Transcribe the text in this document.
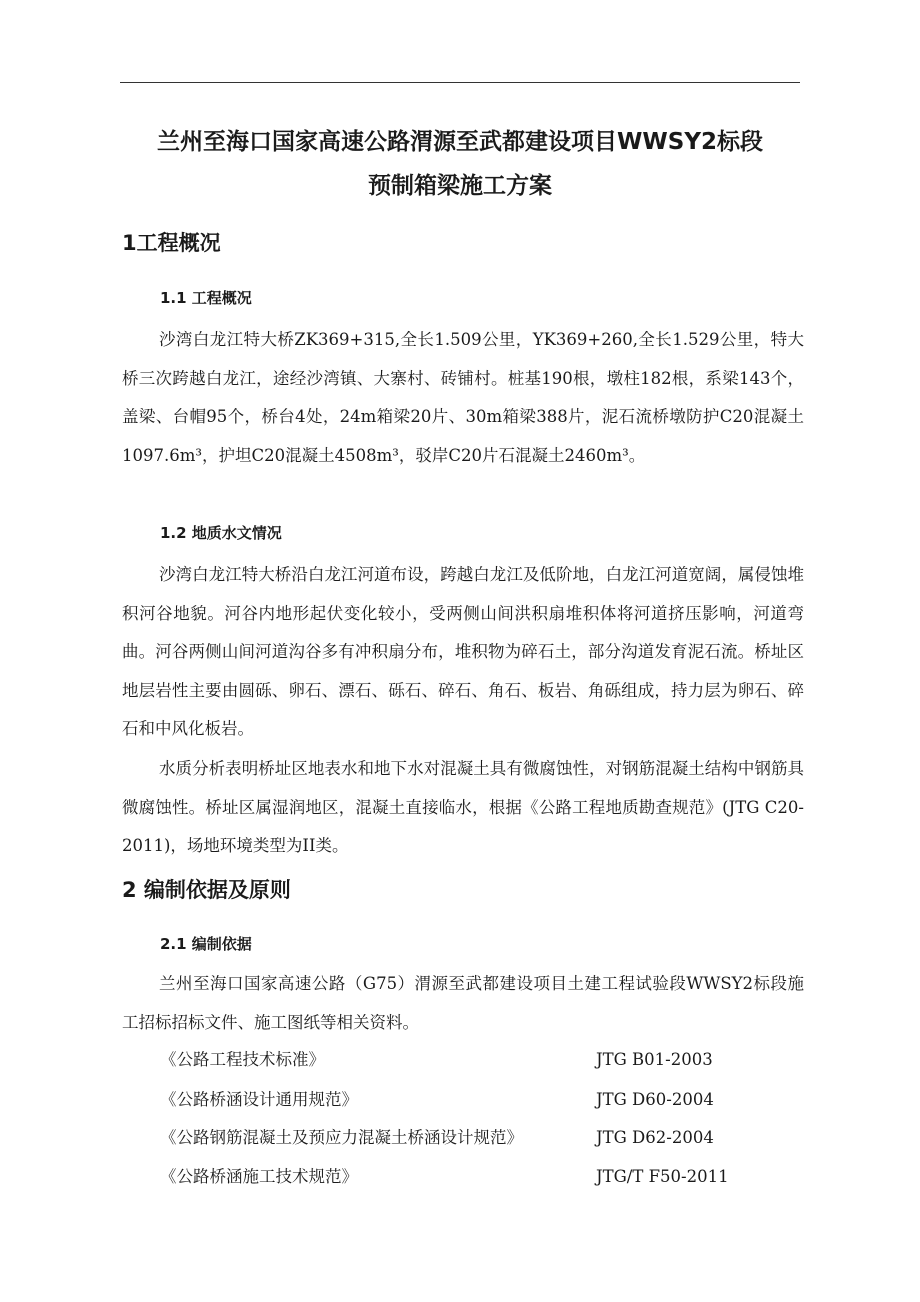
兰州至海口国家高速公路渭源至武都建设项目WWSY2标段
预制箱梁施工方案
1工程概况
1.1 工程概况

沙湾白龙江特大桥ZK369+315,全长1.509公里，YK369+260,全长1.529公里，特大桥三次跨越白龙江，途经沙湾镇、大寨村、砖铺村。桩基190根，墩柱182根，系梁143个，盖梁、台帽95个，桥台4处，24m箱梁20片、30m箱梁388片，泥石流桥墩防护C20混凝土1097.6m³，护坦C20混凝土4508m³，驳岸C20片石混凝土2460m³。

1.2 地质水文情况

沙湾白龙江特大桥沿白龙江河道布设，跨越白龙江及低阶地，白龙江河道宽阔，属侵蚀堆积河谷地貌。河谷内地形起伏变化较小，受两侧山间洪积扇堆积体将河道挤压影响，河道弯曲。河谷两侧山间河道沟谷多有冲积扇分布，堆积物为碎石土，部分沟道发育泥石流。桥址区地层岩性主要由圆砾、卵石、漂石、砾石、碎石、角石、板岩、角砾组成，持力层为卵石、碎石和中风化板岩。

水质分析表明桥址区地表水和地下水对混凝土具有微腐蚀性，对钢筋混凝土结构中钢筋具微腐蚀性。桥址区属湿润地区，混凝土直接临水，根据《公路工程地质勘查规范》(JTG C20-2011)，场地环境类型为II类。

2 编制依据及原则
2.1 编制依据

兰州至海口国家高速公路（G75）渭源至武都建设项目土建工程试验段WWSY2标段施工招标招标文件、施工图纸等相关资料。

《公路工程技术标准》	JTG B01-2003
《公路桥涵设计通用规范》	JTG D60-2004
《公路钢筋混凝土及预应力混凝土桥涵设计规范》	JTG D62-2004
《公路桥涵施工技术规范》	JTG/T F50-2011
